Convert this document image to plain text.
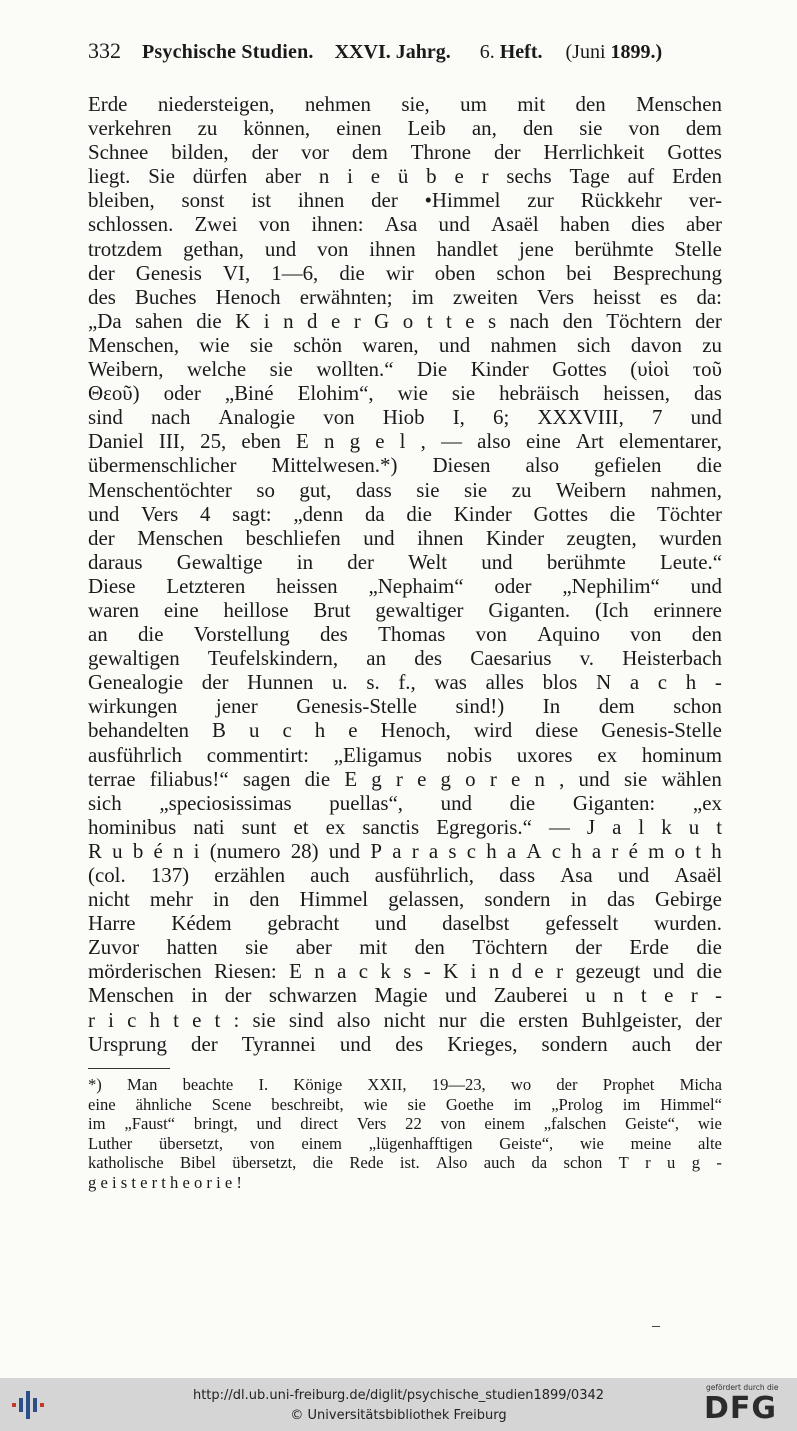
332 Psychische Studien. XXVI. Jahrg. 6. Heft. (Juni 1899.)
Erde niedersteigen, nehmen sie, um mit den Menschen
verkehren zu können, einen Leib an, den sie von dem
Schnee bilden, der vor dem Throne der Herrlichkeit Gottes
liegt. Sie dürfen aber n i e ü b e r sechs Tage auf Erden
bleiben, sonst ist ihnen der •Himmel zur Rückkehr ver-
schlossen. Zwei von ihnen: Asa und Asaël haben dies aber
trotzdem gethan, und von ihnen handlet jene berühmte Stelle
der Genesis VI, 1—6, die wir oben schon bei Besprechung
des Buches Henoch erwähnten; im zweiten Vers heisst es da:
„Da sahen die K i n d e r G o t t e s nach den Töchtern der
Menschen, wie sie schön waren, und nahmen sich davon zu
Weibern, welche sie wollten.“ Die Kinder Gottes (υἱοὶ τοῦ
Θεοῦ) oder „Biné Elohim“, wie sie hebräisch heissen, das
sind nach Analogie von Hiob I, 6; XXXVIII, 7 und
Daniel III, 25, eben E n g e l , — also eine Art elementarer,
übermenschlicher Mittelwesen.*) Diesen also gefielen die
Menschentöchter so gut, dass sie sie zu Weibern nahmen,
und Vers 4 sagt: „denn da die Kinder Gottes die Töchter
der Menschen beschliefen und ihnen Kinder zeugten, wurden
daraus Gewaltige in der Welt und berühmte Leute.“
Diese Letzteren heissen „Nephaim“ oder „Nephilim“ und
waren eine heillose Brut gewaltiger Giganten. (Ich erinnere
an die Vorstellung des Thomas von Aquino von den
gewaltigen Teufelskindern, an des Caesarius v. Heisterbach
Genealogie der Hunnen u. s. f., was alles blos N a c h -
wirkungen jener Genesis-Stelle sind!) In dem schon
behandelten B u c h e Henoch, wird diese Genesis-Stelle
ausführlich commentirt: „Eligamus nobis uxores ex hominum
terrae filiabus!“ sagen die E g r e g o r e n , und sie wählen
sich „speciosissimas puellas“, und die Giganten: „ex
hominibus nati sunt et ex sanctis Egregoris.“ — J a l k u t
R u b é n i (numero 28) und P a r a s c h a A c h a r é m o t h
(col. 137) erzählen auch ausführlich, dass Asa und Asaël
nicht mehr in den Himmel gelassen, sondern in das Gebirge
Harre Kédem gebracht und daselbst gefesselt wurden.
Zuvor hatten sie aber mit den Töchtern der Erde die
mörderischen Riesen: E n a c k s - K i n d e r gezeugt und die
Menschen in der schwarzen Magie und Zauberei u n t e r -
r i c h t e t : sie sind also nicht nur die ersten Buhlgeister, der
Ursprung der Tyrannei und des Krieges, sondern auch der
*) Man beachte I. Könige XXII, 19—23, wo der Prophet Micha
eine ähnliche Scene beschreibt, wie sie Goethe im „Prolog im Himmel“
im „Faust“ bringt, und direct Vers 22 von einem „falschen Geiste“, wie
Luther übersetzt, von einem „lügenhafftigen Geiste“, wie meine alte
katholische Bibel übersetzt, die Rede ist. Also auch da schon T r u g -
g e i s t e r t h e o r i e !
http://dl.ub.uni-freiburg.de/diglit/psychische_studien1899/0342
© Universitätsbibliothek Freiburg
gefördert durch die
DFG
